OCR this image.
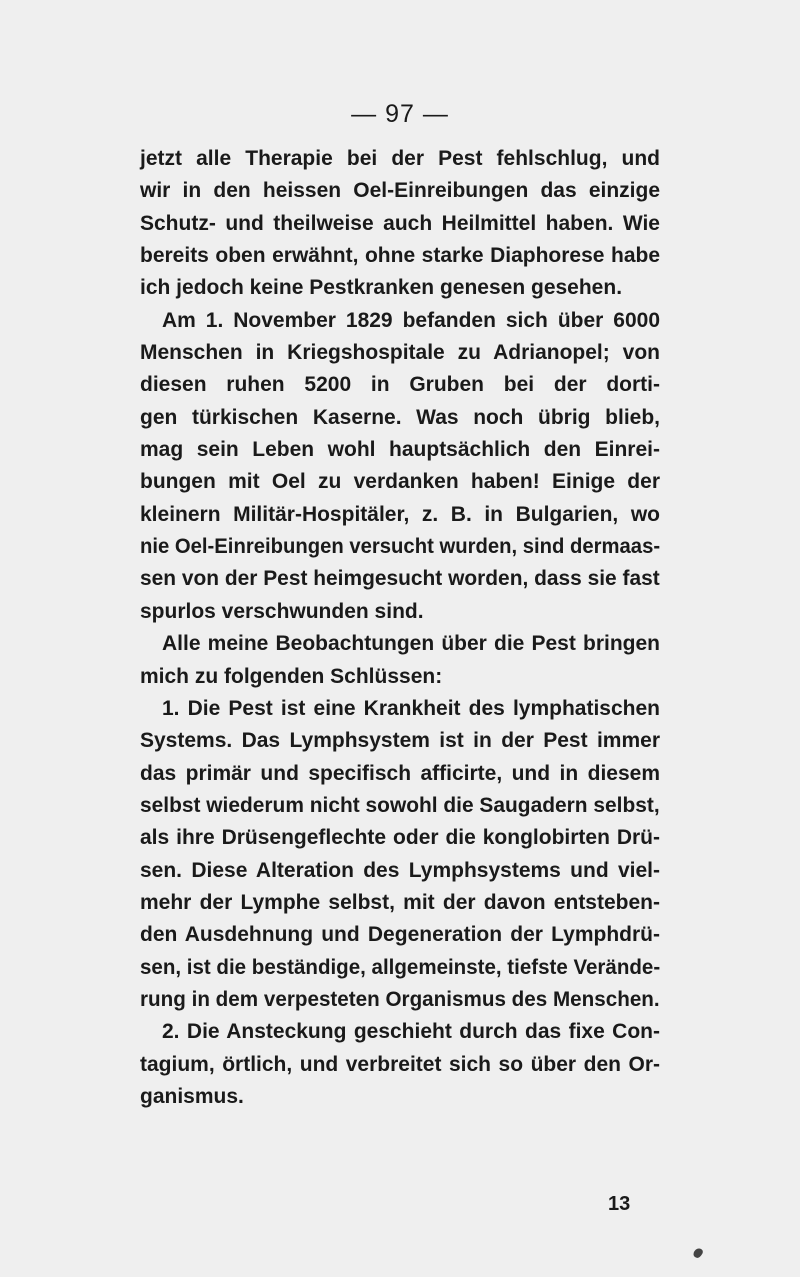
— 97 —
jetzt alle Therapie bei der Pest fehlschlug, und
wir in den heissen Oel-Einreibungen das einzige
Schutz- und theilweise auch Heilmittel haben. Wie
bereits oben erwähnt, ohne starke Diaphorese habe
ich jedoch keine Pestkranken genesen gesehen.
Am 1. November 1829 befanden sich über 6000
Menschen in Kriegshospitale zu Adrianopel; von
diesen ruhen 5200 in Gruben bei der dorti-
gen türkischen Kaserne. Was noch übrig blieb,
mag sein Leben wohl hauptsächlich den Einrei-
bungen mit Oel zu verdanken haben! Einige der
kleinern Militär-Hospitäler, z. B. in Bulgarien, wo
nie Oel-Einreibungen versucht wurden, sind dermaas-
sen von der Pest heimgesucht worden, dass sie fast
spurlos verschwunden sind.
Alle meine Beobachtungen über die Pest bringen
mich zu folgenden Schlüssen:
1. Die Pest ist eine Krankheit des lymphatischen
Systems. Das Lymphsystem ist in der Pest immer
das primär und specifisch afficirte, und in diesem
selbst wiederum nicht sowohl die Saugadern selbst,
als ihre Drüsengeflechte oder die konglobirten Drü-
sen. Diese Alteration des Lymphsystems und viel-
mehr der Lymphe selbst, mit der davon entsteben-
den Ausdehnung und Degeneration der Lymphdrü-
sen, ist die beständige, allgemeinste, tiefste Verände-
rung in dem verpesteten Organismus des Menschen.
2. Die Ansteckung geschieht durch das fixe Con-
tagium, örtlich, und verbreitet sich so über den Or-
ganismus.
13
